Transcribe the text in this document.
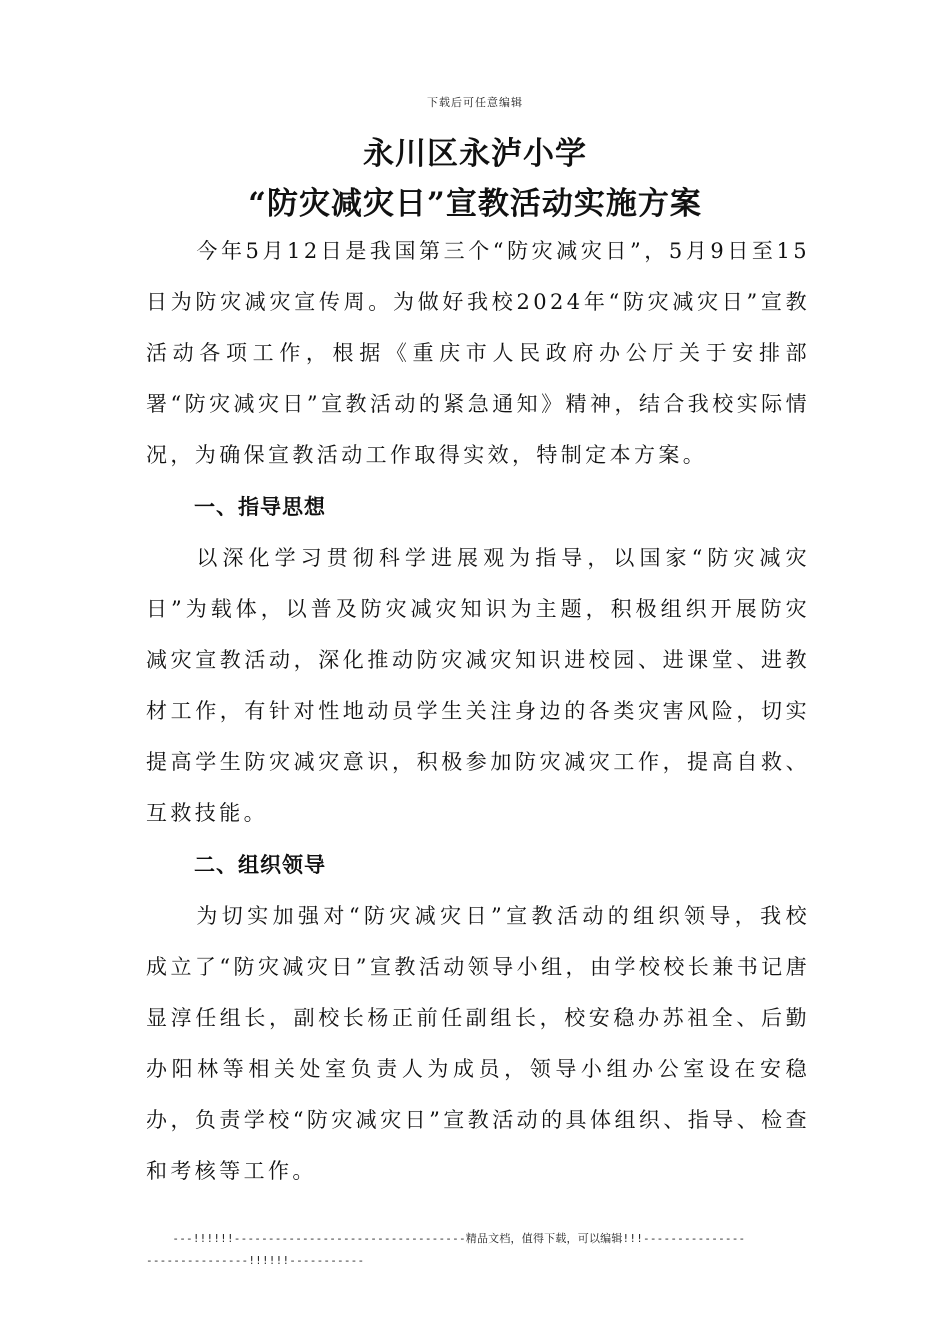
下载后可任意编辑
永川区永泸小学
“防灾减灾日”宣教活动实施方案

今年5月12日是我国第三个“防灾减灾日”，5月9日至15日为防灾减灾宣传周。为做好我校2024年“防灾减灾日”宣教活动各项工作，根据《重庆市人民政府办公厅关于安排部署“防灾减灾日”宣教活动的紧急通知》精神，结合我校实际情况，为确保宣教活动工作取得实效，特制定本方案。

一、指导思想

以深化学习贯彻科学进展观为指导，以国家“防灾减灾日”为载体，以普及防灾减灾知识为主题，积极组织开展防灾减灾宣教活动，深化推动防灾减灾知识进校园、进课堂、进教材工作，有针对性地动员学生关注身边的各类灾害风险，切实提高学生防灾减灾意识，积极参加防灾减灾工作，提高自救、互救技能。

二、组织领导

为切实加强对“防灾减灾日”宣教活动的组织领导，我校成立了“防灾减灾日”宣教活动领导小组，由学校校长兼书记唐显淳任组长，副校长杨正前任副组长，校安稳办苏祖全、后勤办阳林等相关处室负责人为成员，领导小组办公室设在安稳办，负责学校“防灾减灾日”宣教活动的具体组织、指导、检查和考核等工作。

---!!!!!!----------------------------------精品文档，值得下载，可以编辑!!!------------------------------!!!!!!-----------
